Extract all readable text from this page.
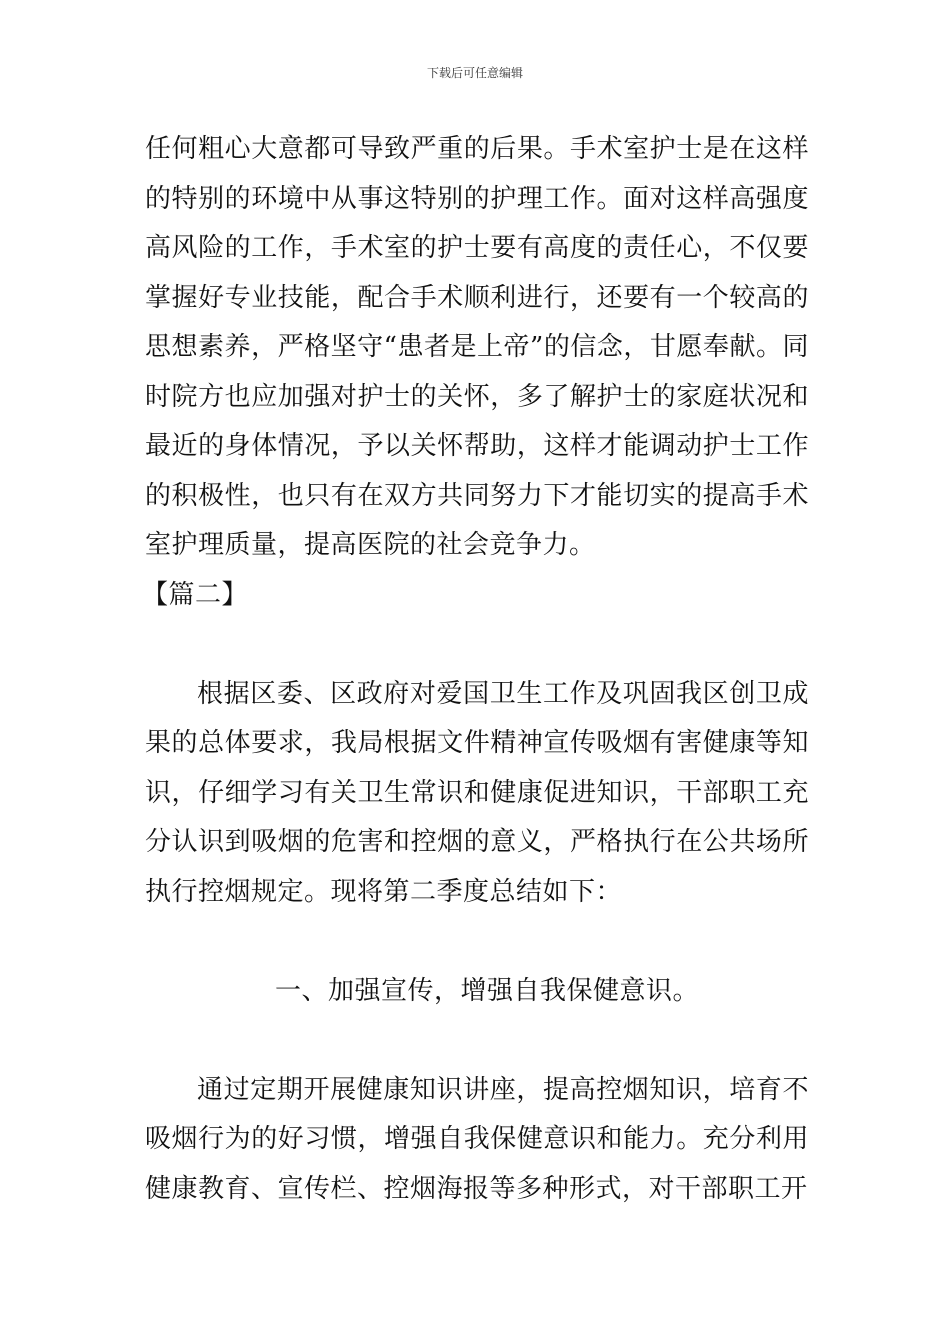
下载后可任意编辑

任何粗心大意都可导致严重的后果。手术室护士是在这样的特别的环境中从事这特别的护理工作。面对这样高强度高风险的工作，手术室的护士要有高度的责任心，不仅要掌握好专业技能，配合手术顺利进行，还要有一个较高的思想素养，严格坚守“患者是上帝”的信念，甘愿奉献。同时院方也应加强对护士的关怀，多了解护士的家庭状况和最近的身体情况，予以关怀帮助，这样才能调动护士工作的积极性，也只有在双方共同努力下才能切实的提高手术室护理质量，提高医院的社会竞争力。

【篇二】

根据区委、区政府对爱国卫生工作及巩固我区创卫成果的总体要求，我局根据文件精神宣传吸烟有害健康等知识，仔细学习有关卫生常识和健康促进知识，干部职工充分认识到吸烟的危害和控烟的意义，严格执行在公共场所执行控烟规定。现将第二季度总结如下：

一、加强宣传，增强自我保健意识。

通过定期开展健康知识讲座，提高控烟知识，培育不吸烟行为的好习惯，增强自我保健意识和能力。充分利用健康教育、宣传栏、控烟海报等多种形式，对干部职工开
